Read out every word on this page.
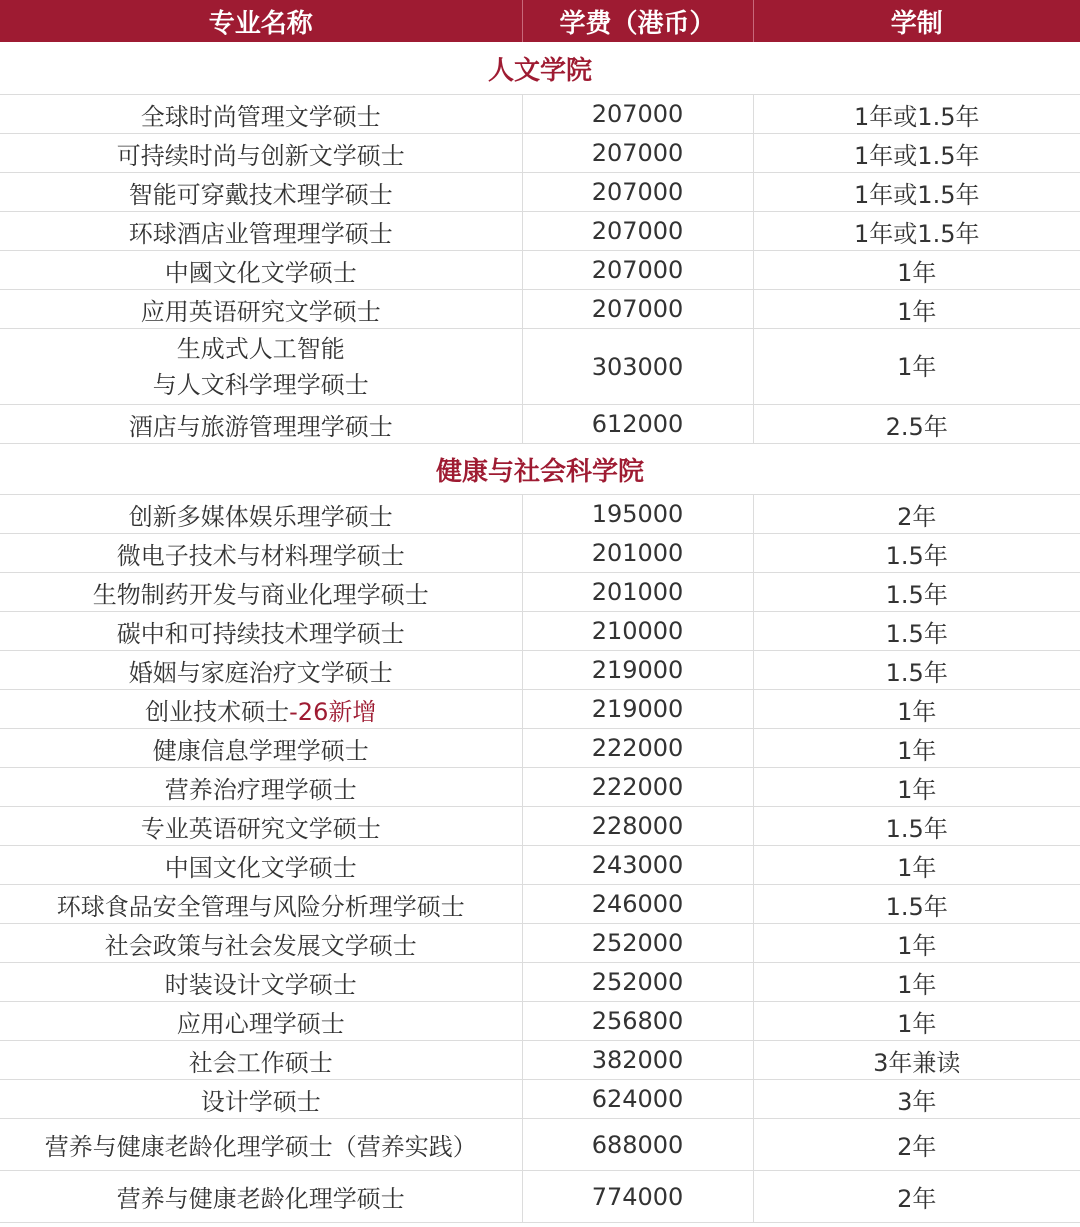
专业名称	学费（港币）	学制
人文学院		
全球时尚管理文学硕士	207000	1年或1.5年
可持续时尚与创新文学硕士	207000	1年或1.5年
智能可穿戴技术理学硕士	207000	1年或1.5年
环球酒店业管理理学硕士	207000	1年或1.5年
中國文化文学硕士	207000	1年
应用英语研究文学硕士	207000	1年
生成式人工智能
与人文科学理学硕士	303000	1年
酒店与旅游管理理学硕士	612000	2.5年
健康与社会科学院		
创新多媒体娱乐理学硕士	195000	2年
微电子技术与材料理学硕士	201000	1.5年
生物制药开发与商业化理学硕士	201000	1.5年
碳中和可持续技术理学硕士	210000	1.5年
婚姻与家庭治疗文学硕士	219000	1.5年
创业技术硕士-26新增	219000	1年
健康信息学理学硕士	222000	1年
营养治疗理学硕士	222000	1年
专业英语研究文学硕士	228000	1.5年
中国文化文学硕士	243000	1年
环球食品安全管理与风险分析理学硕士	246000	1.5年
社会政策与社会发展文学硕士	252000	1年
时装设计文学硕士	252000	1年
应用心理学硕士	256800	1年
社会工作硕士	382000	3年兼读
设计学硕士	624000	3年
营养与健康老龄化理学硕士（营养实践）	688000	2年
营养与健康老龄化理学硕士	774000	2年
